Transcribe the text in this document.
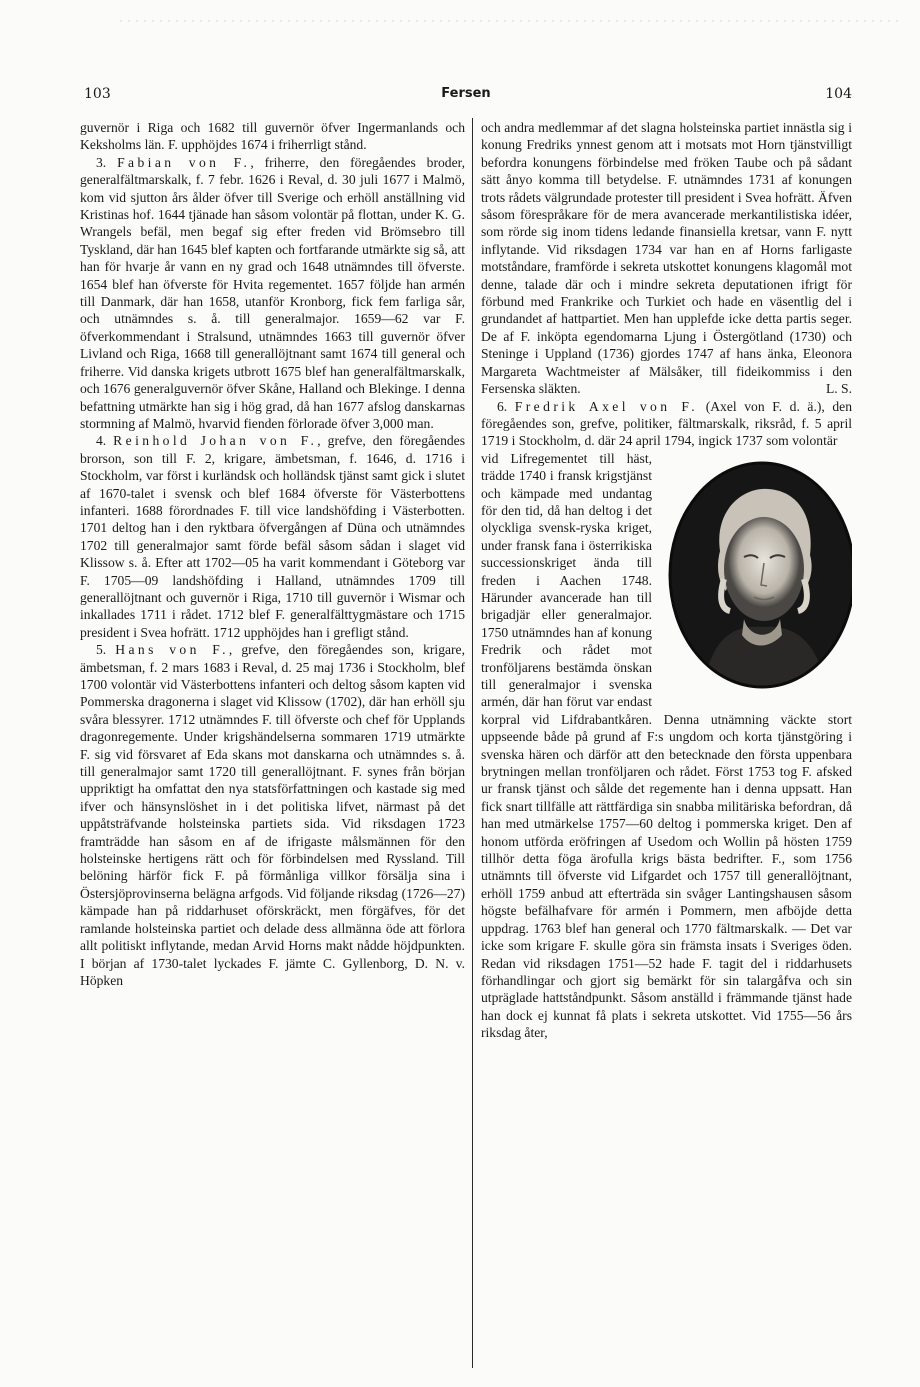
103	Fersen	104

guvernör i Riga och 1682 till guvernör öfver Ingermanlands och Keksholms län. F. upphöjdes 1674 i friherrligt stånd.

3. Fabian von F., friherre, den föregåendes broder, generalfältmarskalk, f. 7 febr. 1626 i Reval, d. 30 juli 1677 i Malmö, kom vid sjutton års ålder öfver till Sverige och erhöll anställning vid Kristinas hof. 1644 tjänade han såsom volontär på flottan, under K. G. Wrangels befäl, men begaf sig efter freden vid Brömsebro till Tyskland, där han 1645 blef kapten och fortfarande utmärkte sig så, att han för hvarje år vann en ny grad och 1648 utnämndes till öfverste. 1654 blef han öfverste för Hvita regementet. 1657 följde han armén till Danmark, där han 1658, utanför Kronborg, fick fem farliga sår, och utnämndes s. å. till generalmajor. 1659—62 var F. öfverkommendant i Stralsund, utnämndes 1663 till guvernör öfver Livland och Riga, 1668 till generallöjtnant samt 1674 till general och friherre. Vid danska krigets utbrott 1675 blef han generalfältmarskalk, och 1676 generalguvernör öfver Skåne, Halland och Blekinge. I denna befattning utmärkte han sig i hög grad, då han 1677 afslog danskarnas stormning af Malmö, hvarvid fienden förlorade öfver 3,000 man.

4. Reinhold Johan von F., grefve, den föregåendes brorson, son till F. 2, krigare, ämbetsman, f. 1646, d. 1716 i Stockholm, var först i kurländsk och holländsk tjänst samt gick i slutet af 1670-talet i svensk och blef 1684 öfverste för Västerbottens infanteri. 1688 förordnades F. till vice landshöfding i Västerbotten. 1701 deltog han i den ryktbara öfvergången af Düna och utnämndes 1702 till generalmajor samt förde befäl såsom sådan i slaget vid Klissow s. å. Efter att 1702—05 ha varit kommendant i Göteborg var F. 1705—09 landshöfding i Halland, utnämndes 1709 till generallöjtnant och guvernör i Riga, 1710 till guvernör i Wismar och inkallades 1711 i rådet. 1712 blef F. generalfälttygmästare och 1715 president i Svea hofrätt. 1712 upphöjdes han i grefligt stånd.

5. Hans von F., grefve, den föregåendes son, krigare, ämbetsman, f. 2 mars 1683 i Reval, d. 25 maj 1736 i Stockholm, blef 1700 volontär vid Västerbottens infanteri och deltog såsom kapten vid Pommerska dragonerna i slaget vid Klissow (1702), där han erhöll sju svåra blessyrer. 1712 utnämndes F. till öfverste och chef för Upplands dragonregemente. Under krigshändelserna sommaren 1719 utmärkte F. sig vid försvaret af Eda skans mot danskarna och utnämndes s. å. till generalmajor samt 1720 till generallöjtnant. F. synes från början uppriktigt ha omfattat den nya statsförfattningen och kastade sig med ifver och hänsynslöshet in i det politiska lifvet, närmast på det uppåtsträfvande holsteinska partiets sida. Vid riksdagen 1723 framträdde han såsom en af de ifrigaste målsmännen för den holsteinske hertigens rätt och för förbindelsen med Ryssland. Till belöning härför fick F. på förmånliga villkor försälja sina i Östersjöprovinserna belägna arfgods. Vid följande riksdag (1726—27) kämpade han på riddarhuset oförskräckt, men förgäfves, för det ramlande holsteinska partiet och delade dess allmänna öde att förlora allt politiskt inflytande, medan Arvid Horns makt nådde höjdpunkten. I början af 1730-talet lyckades F. jämte C. Gyllenborg, D. N. v. Höpken

och andra medlemmar af det slagna holsteinska partiet innästla sig i konung Fredriks ynnest genom att i motsats mot Horn tjänstvilligt befordra konungens förbindelse med fröken Taube och på sådant sätt ånyo komma till betydelse. F. utnämndes 1731 af konungen trots rådets välgrundade protester till president i Svea hofrätt. Äfven såsom förespråkare för de mera avancerade merkantilistiska idéer, som rörde sig inom tidens ledande finansiella kretsar, vann F. nytt inflytande. Vid riksdagen 1734 var han en af Horns farligaste motståndare, framförde i sekreta utskottet konungens klagomål mot denne, talade där och i mindre sekreta deputationen ifrigt för förbund med Frankrike och Turkiet och hade en väsentlig del i grundandet af hattpartiet. Men han upplefde icke detta partis seger. De af F. inköpta egendomarna Ljung i Östergötland (1730) och Steninge i Uppland (1736) gjordes 1747 af hans änka, Eleonora Margareta Wachtmeister af Mälsåker, till fideikommiss i den Fersenska släkten.	L. S.

6. Fredrik Axel von F. (Axel von F. d. ä.), den föregåendes son, grefve, politiker, fältmarskalk, riksråd, f. 5 april 1719 i Stockholm, d. där 24 april 1794, ingick 1737 som volontär

vid Lifregementet till häst, trädde 1740 i fransk krigstjänst och kämpade med undantag för den tid, då han deltog i det olyckliga svensk-ryska kriget, under fransk fana i österrikiska successionskriget ända till freden i Aachen 1748. Härunder avancerade han till brigadjär eller generalmajor. 1750 utnämndes han af konung Fredrik och rådet mot tronföljarens bestämda önskan till generalmajor i svenska armén, där han förut var endast korpral vid Lifdrabantkåren. Denna utnämning väckte stort uppseende både på grund af F:s ungdom och korta tjänstgöring i svenska hären och därför att den betecknade den första uppenbara brytningen mellan tronföljaren och rådet. Först 1753 tog F. afsked ur fransk tjänst och sålde det regemente han i denna uppsatt. Han fick snart tillfälle att rättfärdiga sin snabba militäriska befordran, då han med utmärkelse 1757—60 deltog i pommerska kriget. Den af honom utförda eröfringen af Usedom och Wollin på hösten 1759 tillhör detta föga ärofulla krigs bästa bedrifter. F., som 1756 utnämnts till öfverste vid Lifgardet och 1757 till generallöjtnant, erhöll 1759 anbud att efterträda sin svåger Lantingshausen såsom högste befälhafvare för armén i Pommern, men afböjde detta uppdrag. 1763 blef han general och 1770 fältmarskalk. — Det var icke som krigare F. skulle göra sin främsta insats i Sveriges öden. Redan vid riksdagen 1751—52 hade F. tagit del i riddarhusets förhandlingar och gjort sig bemärkt för sin talargåfva och sin utpräglade hattståndpunkt. Såsom anställd i främmande tjänst hade han dock ej kunnat få plats i sekreta utskottet. Vid 1755—56 års riksdag åter,
